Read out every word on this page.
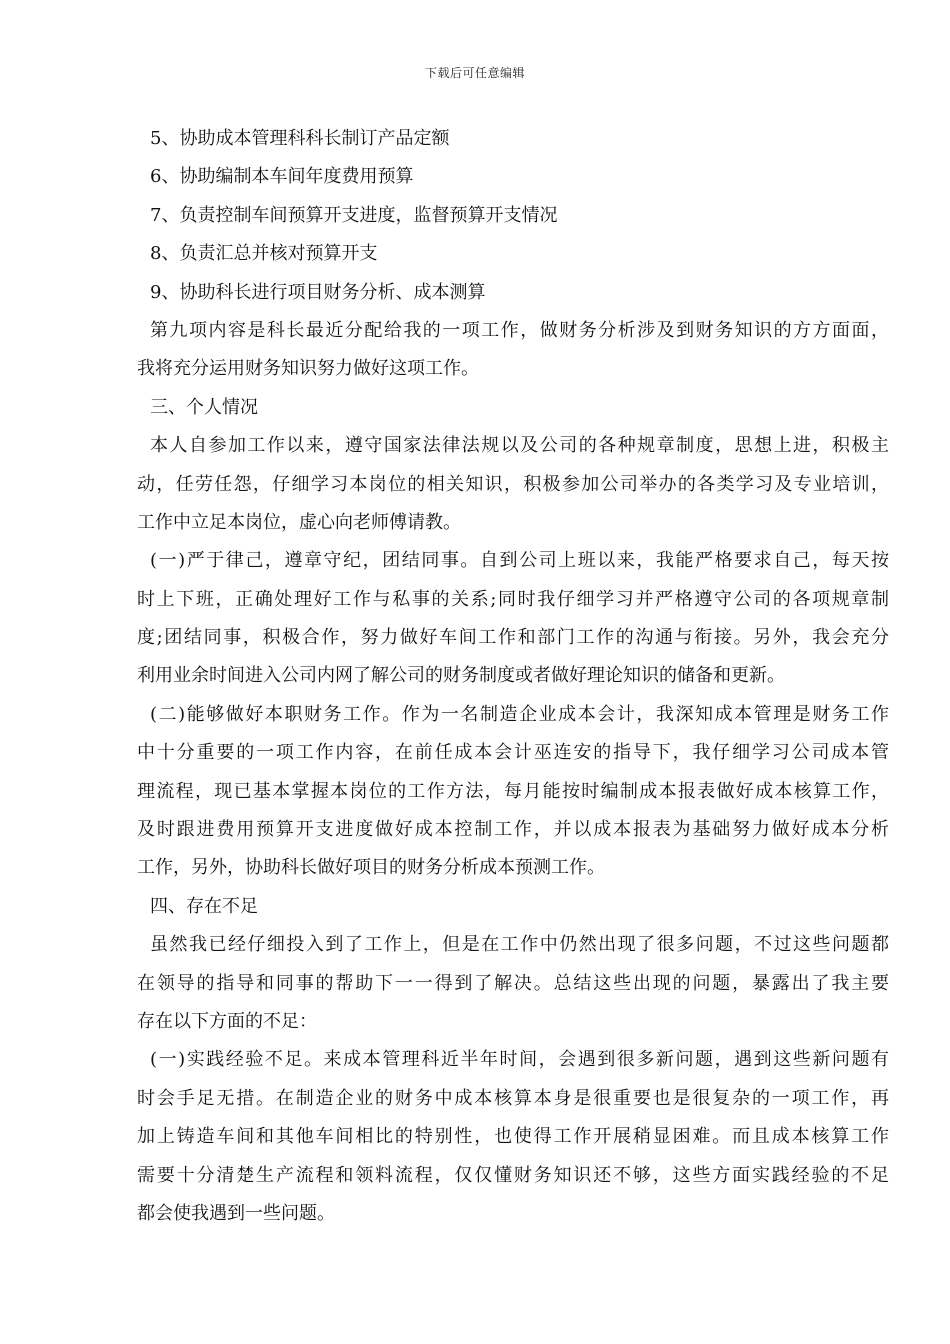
下载后可任意编辑
5、协助成本管理科科长制订产品定额
6、协助编制本车间年度费用预算
7、负责控制车间预算开支进度，监督预算开支情况
8、负责汇总并核对预算开支
9、协助科长进行项目财务分析、成本测算
第九项内容是科长最近分配给我的一项工作，做财务分析涉及到财务知识的方方面面，
我将充分运用财务知识努力做好这项工作。
三、个人情况
本人自参加工作以来，遵守国家法律法规以及公司的各种规章制度，思想上进，积极主
动，任劳任怨，仔细学习本岗位的相关知识，积极参加公司举办的各类学习及专业培训，
工作中立足本岗位，虚心向老师傅请教。
(一)严于律己，遵章守纪，团结同事。自到公司上班以来，我能严格要求自己，每天按
时上下班，正确处理好工作与私事的关系;同时我仔细学习并严格遵守公司的各项规章制
度;团结同事，积极合作，努力做好车间工作和部门工作的沟通与衔接。另外，我会充分
利用业余时间进入公司内网了解公司的财务制度或者做好理论知识的储备和更新。
(二)能够做好本职财务工作。作为一名制造企业成本会计，我深知成本管理是财务工作
中十分重要的一项工作内容，在前任成本会计巫连安的指导下，我仔细学习公司成本管
理流程，现已基本掌握本岗位的工作方法，每月能按时编制成本报表做好成本核算工作，
及时跟进费用预算开支进度做好成本控制工作，并以成本报表为基础努力做好成本分析
工作，另外，协助科长做好项目的财务分析成本预测工作。
四、存在不足
虽然我已经仔细投入到了工作上，但是在工作中仍然出现了很多问题，不过这些问题都
在领导的指导和同事的帮助下一一得到了解决。总结这些出现的问题，暴露出了我主要
存在以下方面的不足：
(一)实践经验不足。来成本管理科近半年时间，会遇到很多新问题，遇到这些新问题有
时会手足无措。在制造企业的财务中成本核算本身是很重要也是很复杂的一项工作，再
加上铸造车间和其他车间相比的特别性，也使得工作开展稍显困难。而且成本核算工作
需要十分清楚生产流程和领料流程，仅仅懂财务知识还不够，这些方面实践经验的不足
都会使我遇到一些问题。
